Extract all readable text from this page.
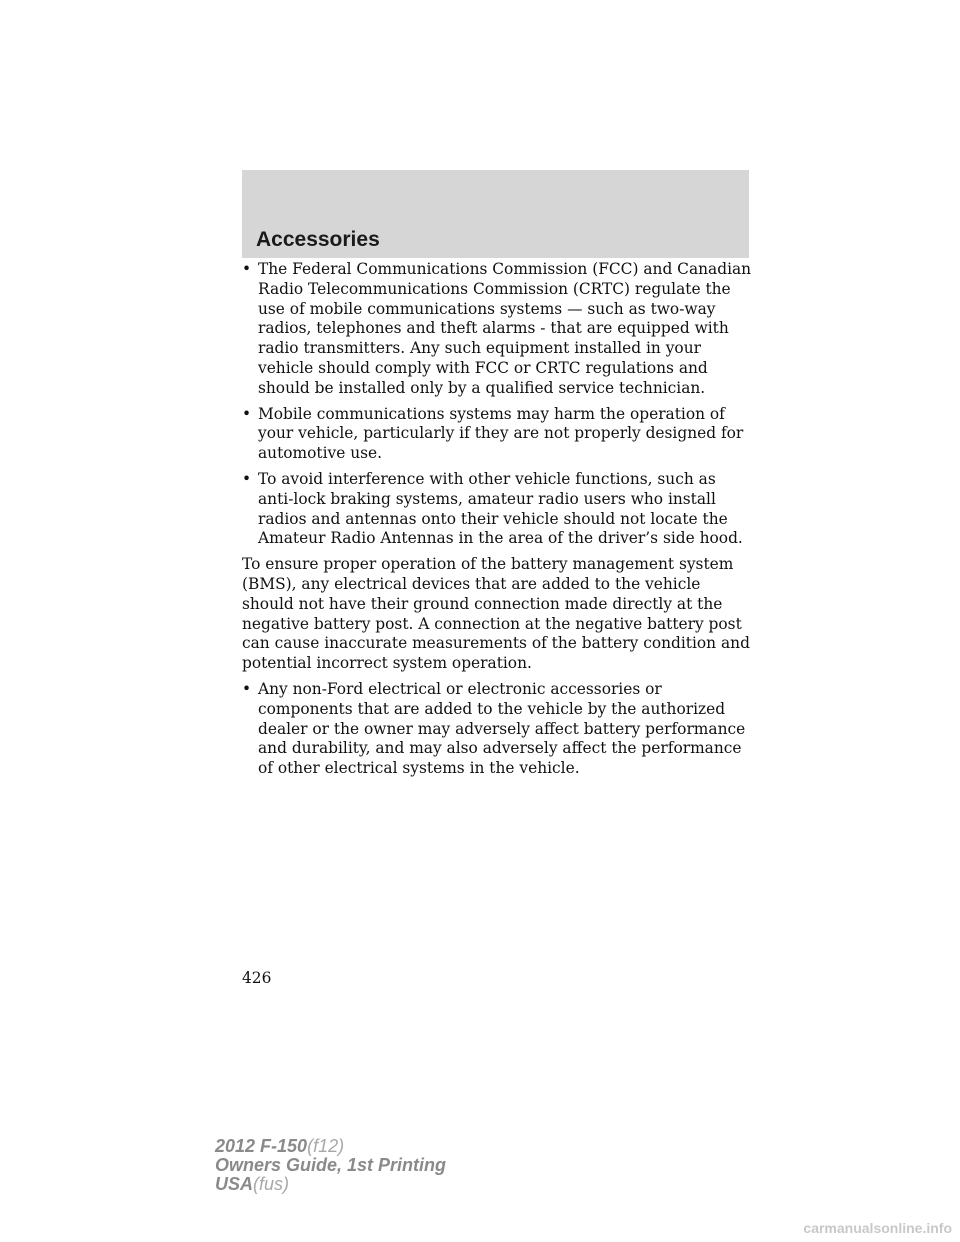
Accessories
• The Federal Communications Commission (FCC) and Canadian Radio Telecommunications Commission (CRTC) regulate the use of mobile communications systems — such as two-way radios, telephones and theft alarms - that are equipped with radio transmitters. Any such equipment installed in your vehicle should comply with FCC or CRTC regulations and should be installed only by a qualified service technician.
• Mobile communications systems may harm the operation of your vehicle, particularly if they are not properly designed for automotive use.
• To avoid interference with other vehicle functions, such as anti-lock braking systems, amateur radio users who install radios and antennas onto their vehicle should not locate the Amateur Radio Antennas in the area of the driver’s side hood.

To ensure proper operation of the battery management system (BMS), any electrical devices that are added to the vehicle should not have their ground connection made directly at the negative battery post. A connection at the negative battery post can cause inaccurate measurements of the battery condition and potential incorrect system operation.

• Any non-Ford electrical or electronic accessories or components that are added to the vehicle by the authorized dealer or the owner may adversely affect battery performance and durability, and may also adversely affect the performance of other electrical systems in the vehicle.
426
2012 F-150(f12)
Owners Guide, 1st Printing
USA(fus)
carmanualsonline.info
